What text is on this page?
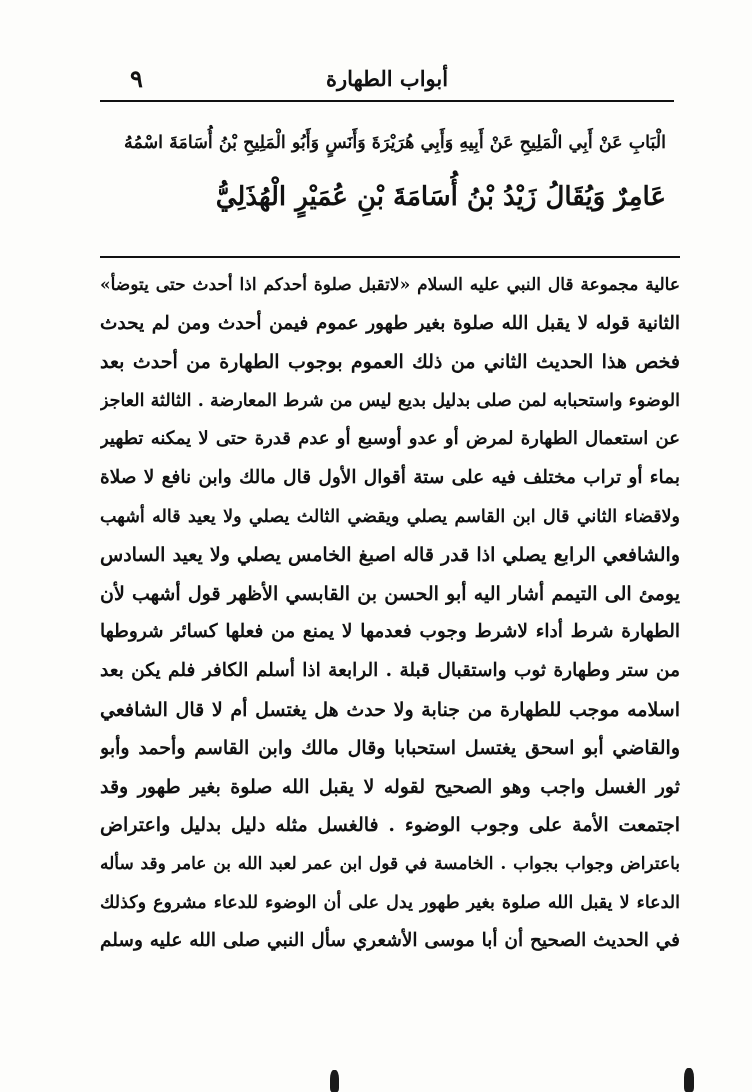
٩	أبواب الطهارة
الْبَابِ عَنْ أَبِي الْمَلِيحِ عَنْ أَبِيهِ وَأَبِي هُرَيْرَةَ وَأَنَسٍ وَأَبُو الْمَلِيحِ بْنُ أُسَامَةَ اسْمُهُ
عَامِرٌ وَيُقَالُ زَيْدُ بْنُ أُسَامَةَ بْنِ عُمَيْرٍ الْهُذَلِيُّ
عالية مجموعة قال النبي عليه السلام «لاتقبل صلوة أحدكم اذا أحدث حتى يتوضأ»
الثانية قوله لا يقبل الله صلوة بغير طهور عموم فيمن أحدث ومن لم يحدث
فخص هذا الحديث الثاني من ذلك العموم بوجوب الطهارة من أحدث بعد
الوضوء واستحبابه لمن صلى بدليل بديع ليس من شرط المعارضة . الثالثة العاجز
عن استعمال الطهارة لمرض أو عدو أوسبع أو عدم قدرة حتى لا يمكنه تطهير
بماء أو تراب مختلف فيه على ستة أقوال الأول قال مالك وابن نافع لا صلاة
ولاقضاء الثاني قال ابن القاسم يصلي ويقضي الثالث يصلي ولا يعيد قاله أشهب
والشافعي الرابع يصلي اذا قدر قاله اصبغ الخامس يصلي ولا يعيد السادس
يومئ الى التيمم أشار اليه أبو الحسن بن القابسي الأظهر قول أشهب لأن
الطهارة شرط أداء لاشرط وجوب فعدمها لا يمنع من فعلها كسائر شروطها
من ستر وطهارة ثوب واستقبال قبلة . الرابعة اذا أسلم الكافر فلم يكن بعد
اسلامه موجب للطهارة من جنابة ولا حدث هل يغتسل أم لا قال الشافعي
والقاضي أبو اسحق يغتسل استحبابا وقال مالك وابن القاسم وأحمد وأبو
ثور الغسل واجب وهو الصحيح لقوله لا يقبل الله صلوة بغير طهور وقد
اجتمعت الأمة على وجوب الوضوء . فالغسل مثله دليل بدليل واعتراض
باعتراض وجواب بجواب . الخامسة في قول ابن عمر لعبد الله بن عامر وقد سأله
الدعاء لا يقبل الله صلوة بغير طهور يدل على أن الوضوء للدعاء مشروع وكذلك
في الحديث الصحيح أن أبا موسى الأشعري سأل النبي صلى الله عليه وسلم
